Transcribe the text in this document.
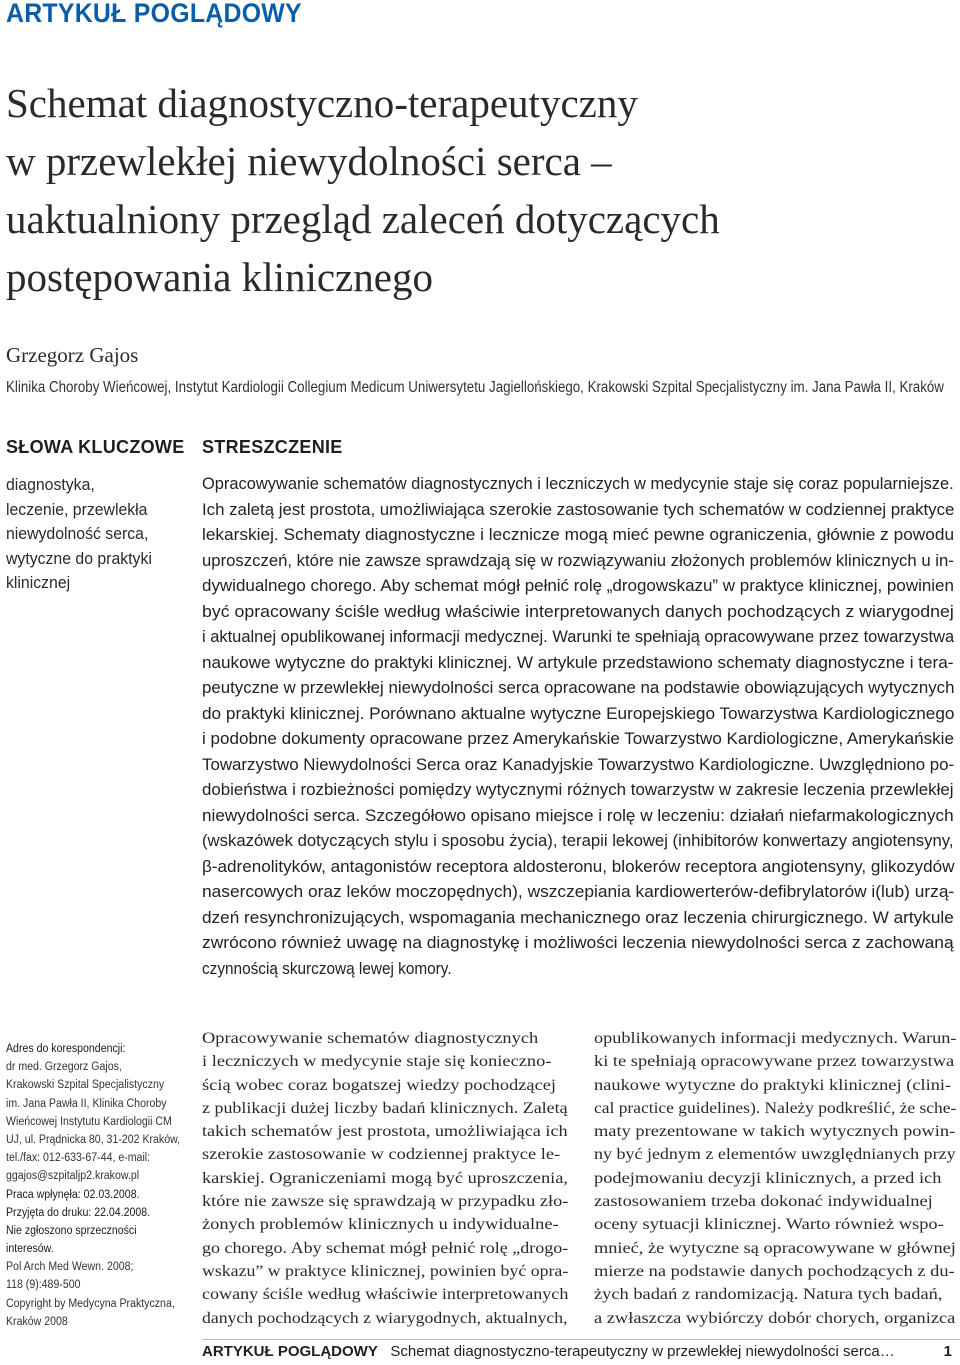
ARTYKUŁ POGLĄDOWY
Schemat diagnostyczno-terapeutyczny
w przewlekłej niewydolności serca –
uaktualniony przegląd zaleceń dotyczących
postępowania klinicznego
Grzegorz Gajos
Klinika Choroby Wieńcowej, Instytut Kardiologii Collegium Medicum Uniwersytetu Jagiellońskiego, Krakowski Szpital Specjalistyczny im. Jana Pawła II, Kraków
SŁOWA KLUCZOWE
diagnostyka,
leczenie, przewlekła
niewydolność serca,
wytyczne do praktyki
klinicznej
STRESZCZENIE
Opracowywanie schematów diagnostycznych i leczniczych w medycynie staje się coraz popularniejsze.
Ich zaletą jest prostota, umożliwiająca szerokie zastosowanie tych schematów w codziennej praktyce
lekarskiej. Schematy diagnostyczne i lecznicze mogą mieć pewne ograniczenia, głównie z powodu
uproszczeń, które nie zawsze sprawdzają się w rozwiązywaniu złożonych problemów klinicznych u in-
dywidualnego chorego. Aby schemat mógł pełnić rolę „drogowskazu” w praktyce klinicznej, powinien
być opracowany ściśle według właściwie interpretowanych danych pochodzących z wiarygodnej
i aktualnej opublikowanej informacji medycznej. Warunki te spełniają opracowywane przez towarzystwa
naukowe wytyczne do praktyki klinicznej. W artykule przedstawiono schematy diagnostyczne i tera-
peutyczne w przewlekłej niewydolności serca opracowane na podstawie obowiązujących wytycznych
do praktyki klinicznej. Porównano aktualne wytyczne Europejskiego Towarzystwa Kardiologicznego
i podobne dokumenty opracowane przez Amerykańskie Towarzystwo Kardiologiczne, Amerykańskie
Towarzystwo Niewydolności Serca oraz Kanadyjskie Towarzystwo Kardiologiczne. Uwzględniono po-
dobieństwa i rozbieżności pomiędzy wytycznymi różnych towarzystw w zakresie leczenia przewlekłej
niewydolności serca. Szczegółowo opisano miejsce i rolę w leczeniu: działań niefarmakologicznych
(wskazówek dotyczących stylu i sposobu życia), terapii lekowej (inhibitorów konwertazy angiotensyny,
β-adrenolityków, antagonistów receptora aldosteronu, blokerów receptora angiotensyny, glikozydów
nasercowych oraz leków moczopędnych), wszczepiania kardiowerterów-defibrylatorów i(lub) urzą-
dzeń resynchronizujących, wspomagania mechanicznego oraz leczenia chirurgicznego. W artykule
zwrócono również uwagę na diagnostykę i możliwości leczenia niewydolności serca z zachowaną
czynnością skurczową lewej komory.
Adres do korespondencji:
dr med. Grzegorz Gajos,
Krakowski Szpital Specjalistyczny
im. Jana Pawła II, Klinika Choroby
Wieńcowej Instytutu Kardiologii CM
UJ, ul. Prądnicka 80, 31-202 Kraków,
tel./fax: 012-633-67-44, e-mail:
ggajos@szpitaljp2.krakow.pl
Praca wpłynęła: 02.03.2008.
Przyjęta do druku: 22.04.2008.
Nie zgłoszono sprzeczności
interesów.
Pol Arch Med Wewn. 2008;
118 (9):489-500
Copyright by Medycyna Praktyczna,
Kraków 2008
Opracowywanie schematów diagnostycznych
i leczniczych w medycynie staje się konieczno-
ścią wobec coraz bogatszej wiedzy pochodzącej
z publikacji dużej liczby badań klinicznych. Zaletą
takich schematów jest prostota, umożliwiająca ich
szerokie zastosowanie w codziennej praktyce le-
karskiej. Ograniczeniami mogą być uproszczenia,
które nie zawsze się sprawdzają w przypadku zło-
żonych problemów klinicznych u indywidualne-
go chorego. Aby schemat mógł pełnić rolę „drogo-
wskazu” w praktyce klinicznej, powinien być opra-
cowany ściśle według właściwie interpretowanych
danych pochodzących z wiarygodnych, aktualnych,
opublikowanych informacji medycznych. Warun-
ki te spełniają opracowywane przez towarzystwa
naukowe wytyczne do praktyki klinicznej (clini-
cal practice guidelines). Należy podkreślić, że sche-
maty prezentowane w takich wytycznych powin-
ny być jednym z elementów uwzględnianych przy
podejmowaniu decyzji klinicznych, a przed ich
zastosowaniem trzeba dokonać indywidualnej
oceny sytuacji klinicznej. Warto również wspo-
mnieć, że wytyczne są opracowywane w głównej
mierze na podstawie danych pochodzących z du-
żych badań z randomizacją. Natura tych badań,
a zwłaszcza wybiórczy dobór chorych, organizca
ARTYKUŁ POGLĄDOWY Schemat diagnostyczno-terapeutyczny w przewlekłej niewydolności serca…	1
